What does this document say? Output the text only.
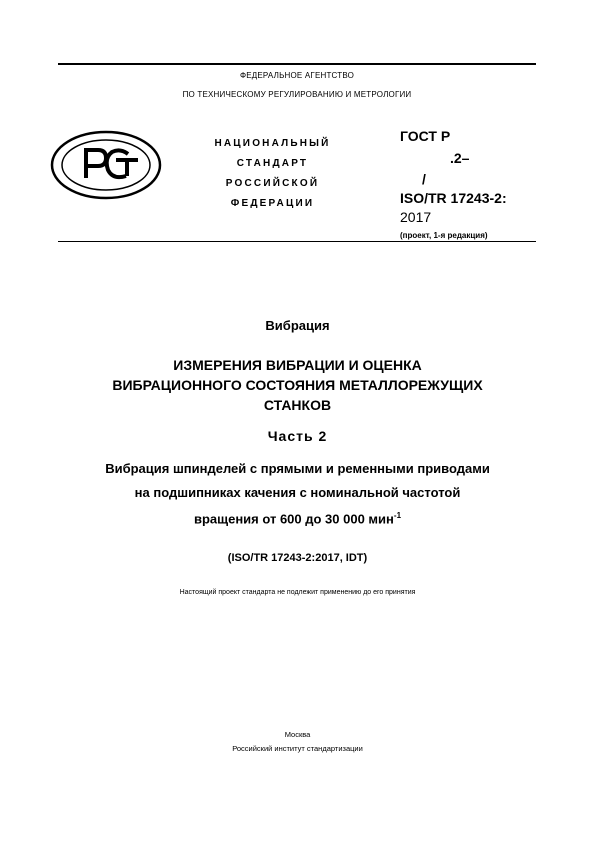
ФЕДЕРАЛЬНОЕ АГЕНТСТВО
ПО ТЕХНИЧЕСКОМУ РЕГУЛИРОВАНИЮ И МЕТРОЛОГИИ
НАЦИОНАЛЬНЫЙ
СТАНДАРТ
РОССИЙСКОЙ
ФЕДЕРАЦИИ
ГОСТ Р
.2–
/
ISO/TR 17243-2:
2017
(проект, 1-я редакция)
Вибрация
ИЗМЕРЕНИЯ ВИБРАЦИИ И ОЦЕНКА
ВИБРАЦИОННОГО СОСТОЯНИЯ МЕТАЛЛОРЕЖУЩИХ
СТАНКОВ
Часть 2
Вибрация шпинделей с прямыми и ременными приводами
на подшипниках качения с номинальной частотой
вращения от 600 до 30 000 мин$^{-1}$
(ISO/TR 17243-2:2017, IDT)
Настоящий проект стандарта не подлежит применению до его принятия
Москва
Российский институт стандартизации
